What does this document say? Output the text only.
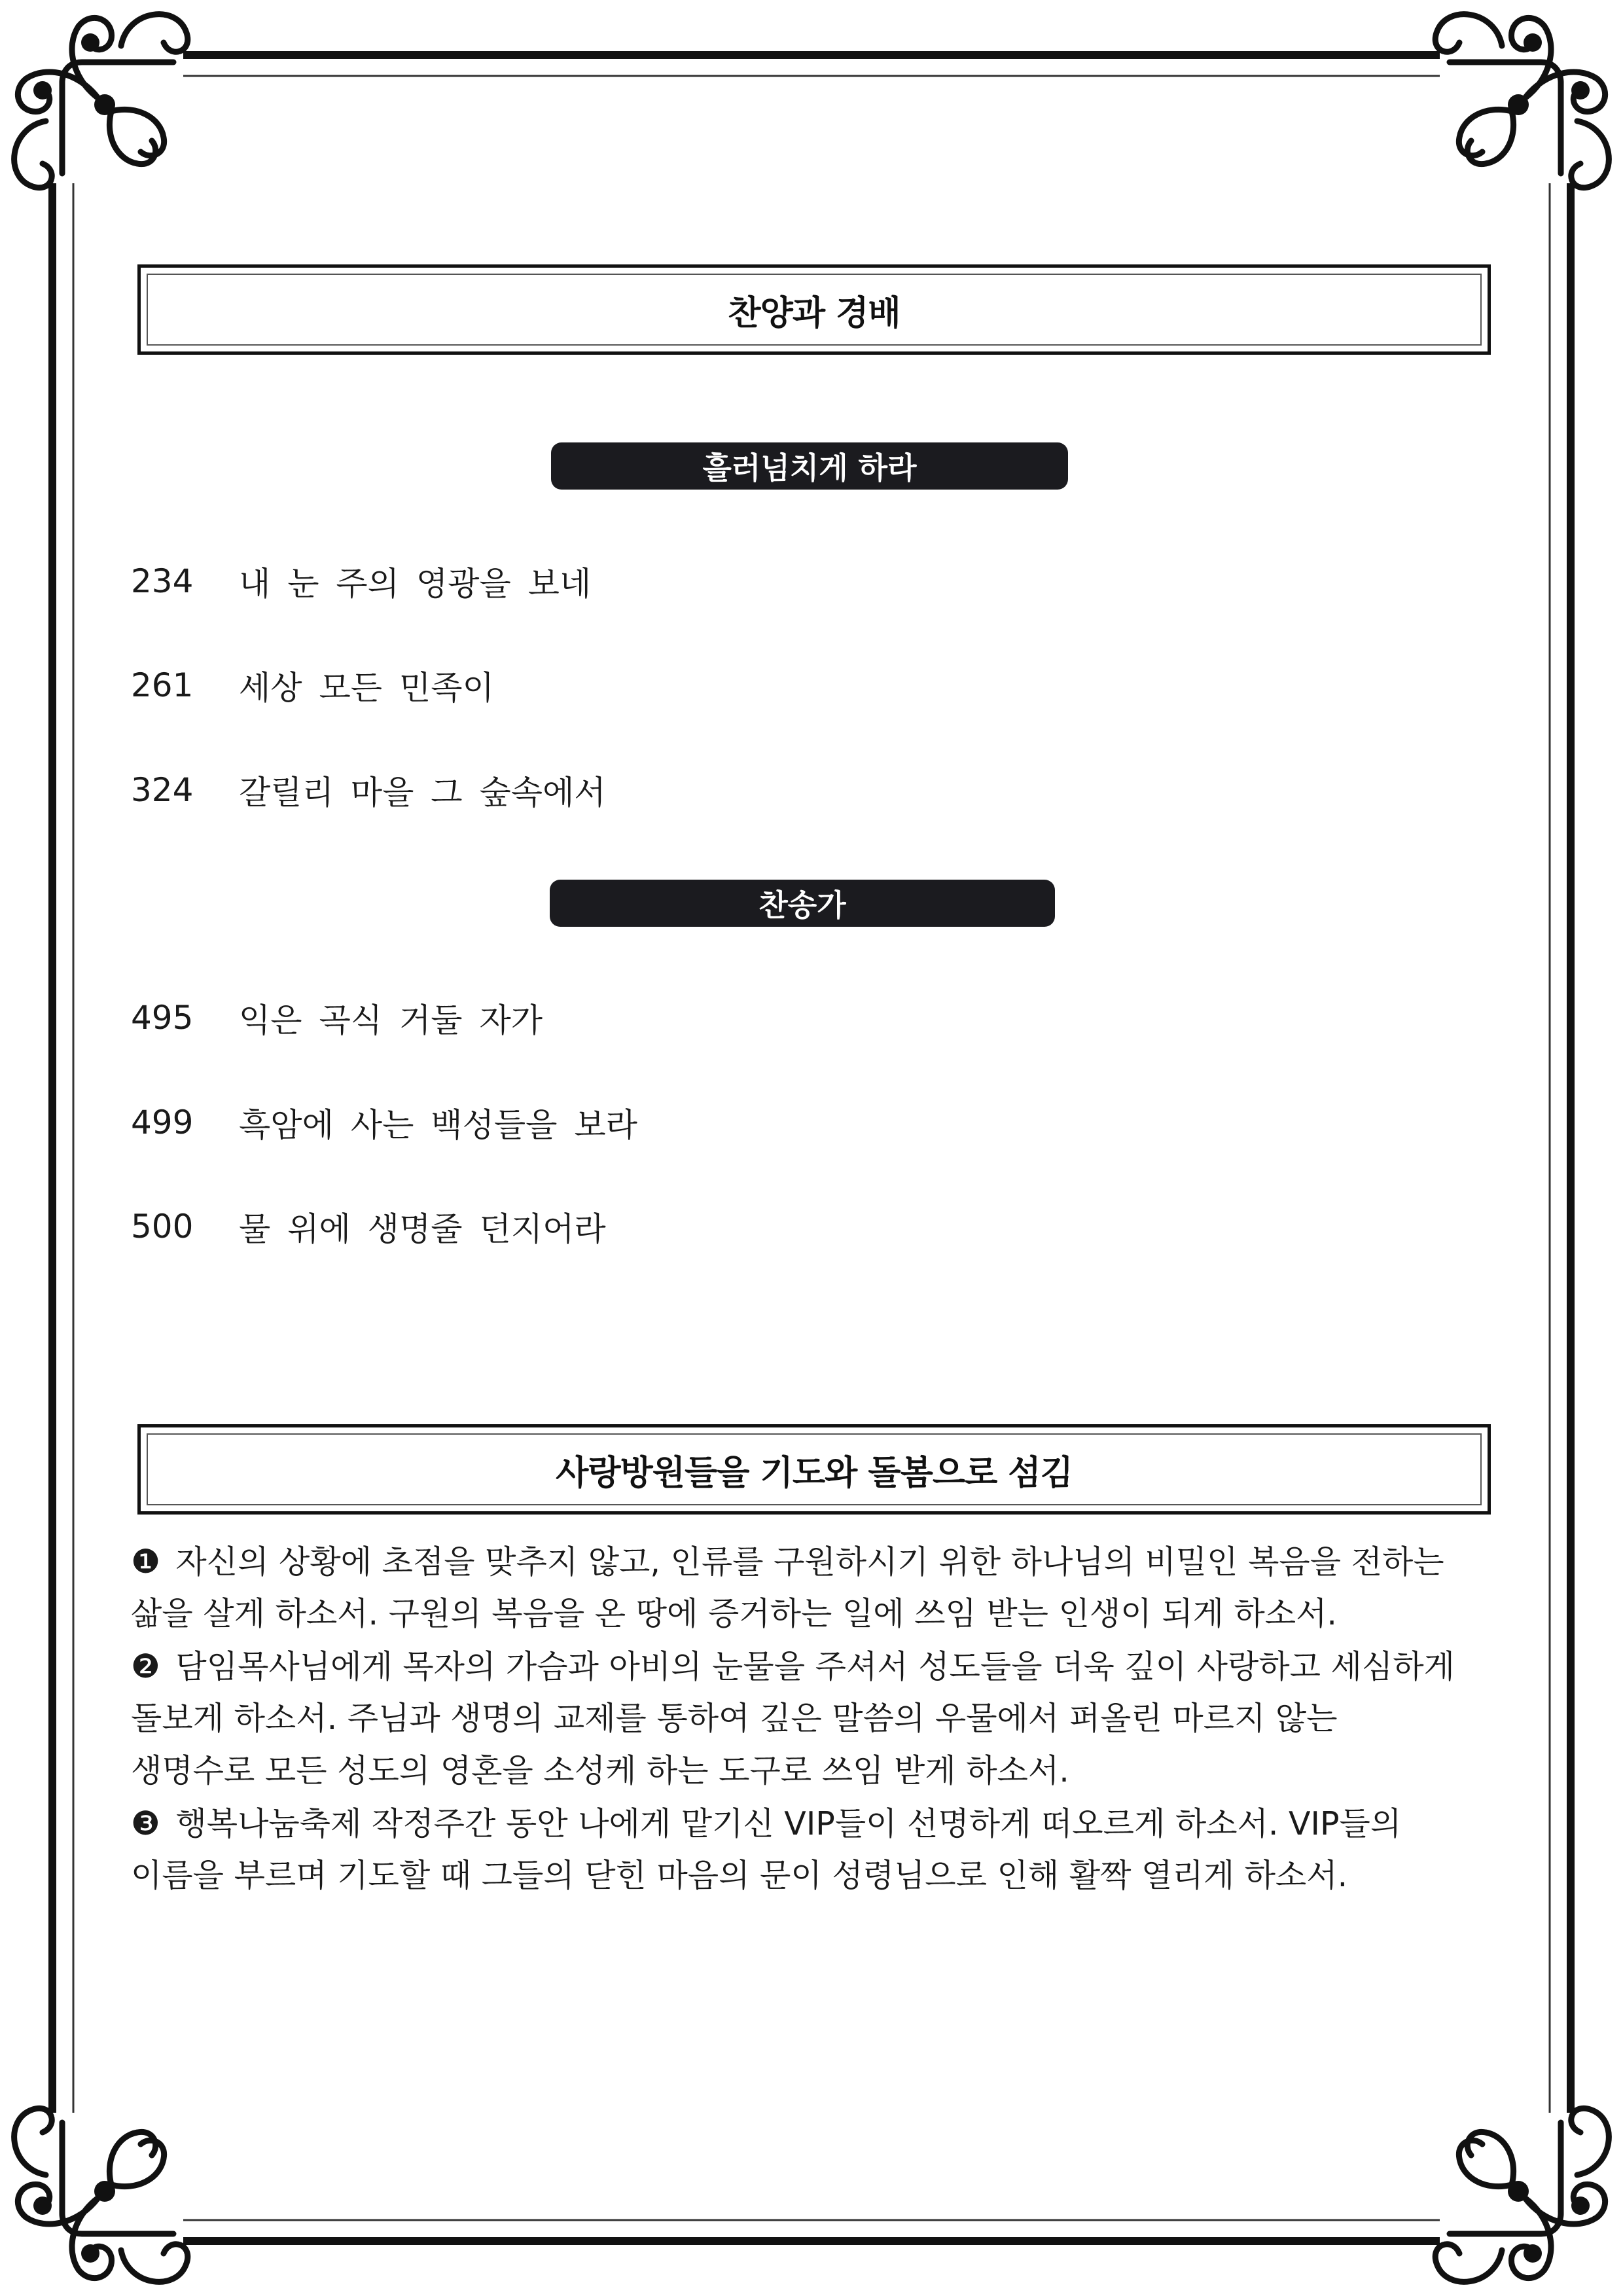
찬양과 경배
흘러넘치게 하라
234	내 눈 주의 영광을 보네
261	세상 모든 민족이
324	갈릴리 마을 그 숲속에서
찬송가
495	익은 곡식 거둘 자가
499	흑암에 사는 백성들을 보라
500	물 위에 생명줄 던지어라
사랑방원들을 기도와 돌봄으로 섬김
❶ 자신의 상황에 초점을 맞추지 않고, 인류를 구원하시기 위한 하나님의 비밀인 복음을 전하는
삶을 살게 하소서. 구원의 복음을 온 땅에 증거하는 일에 쓰임 받는 인생이 되게 하소서.
❷ 담임목사님에게 목자의 가슴과 아비의 눈물을 주셔서 성도들을 더욱 깊이 사랑하고 세심하게
돌보게 하소서. 주님과 생명의 교제를 통하여 깊은 말씀의 우물에서 퍼올린 마르지 않는
생명수로 모든 성도의 영혼을 소성케 하는 도구로 쓰임 받게 하소서.
❸ 행복나눔축제 작정주간 동안 나에게 맡기신 VIP들이 선명하게 떠오르게 하소서. VIP들의
이름을 부르며 기도할 때 그들의 닫힌 마음의 문이 성령님으로 인해 활짝 열리게 하소서.
